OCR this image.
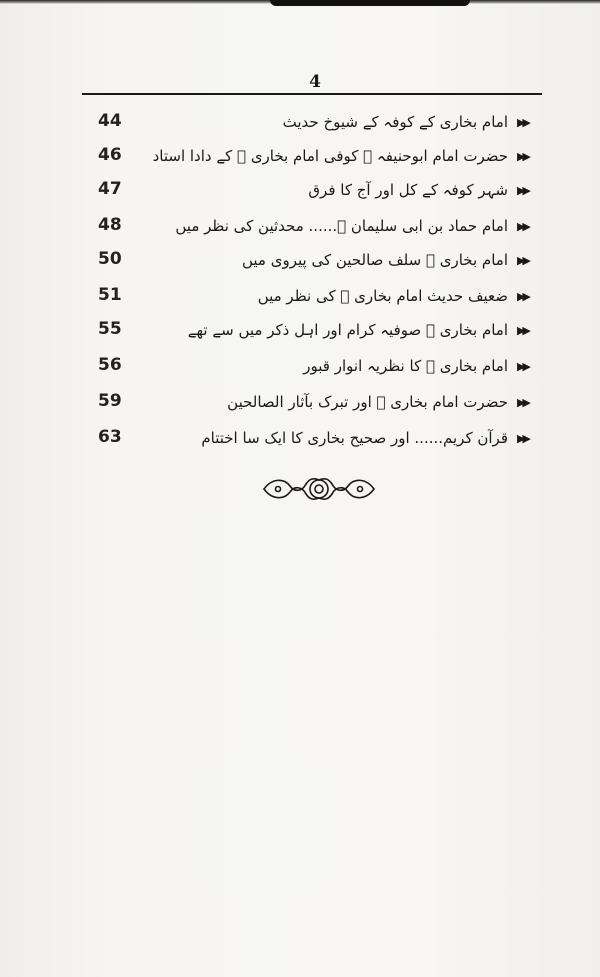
4
44	امام بخاری کے کوفہ کے شیوخ حدیث ◀◀
46	حضرت امام ابوحنیفہ ﷫ کوفی امام بخاری ﷫ کے دادا استاد ◀◀
47	شہر کوفہ کے کل اور آج کا فرق ◀◀
48	امام حماد بن ابی سلیمان ﷫...... محدثین کی نظر میں ◀◀
50	امام بخاری ﷫ سلف صالحین کی پیروی میں ◀◀
51	ضعیف حدیث امام بخاری ﷫ کی نظر میں ◀◀
55	امام بخاری ﷫ صوفیہ کرام اور اہل ذکر میں سے تھے ◀◀
56	امام بخاری ﷫ کا نظریہ انوار قبور ◀◀
59	حضرت امام بخاری ﷫ اور تبرک بآثار الصالحین ◀◀
63	قرآن کریم...... اور صحیح بخاری کا ایک سا اختتام ◀◀
